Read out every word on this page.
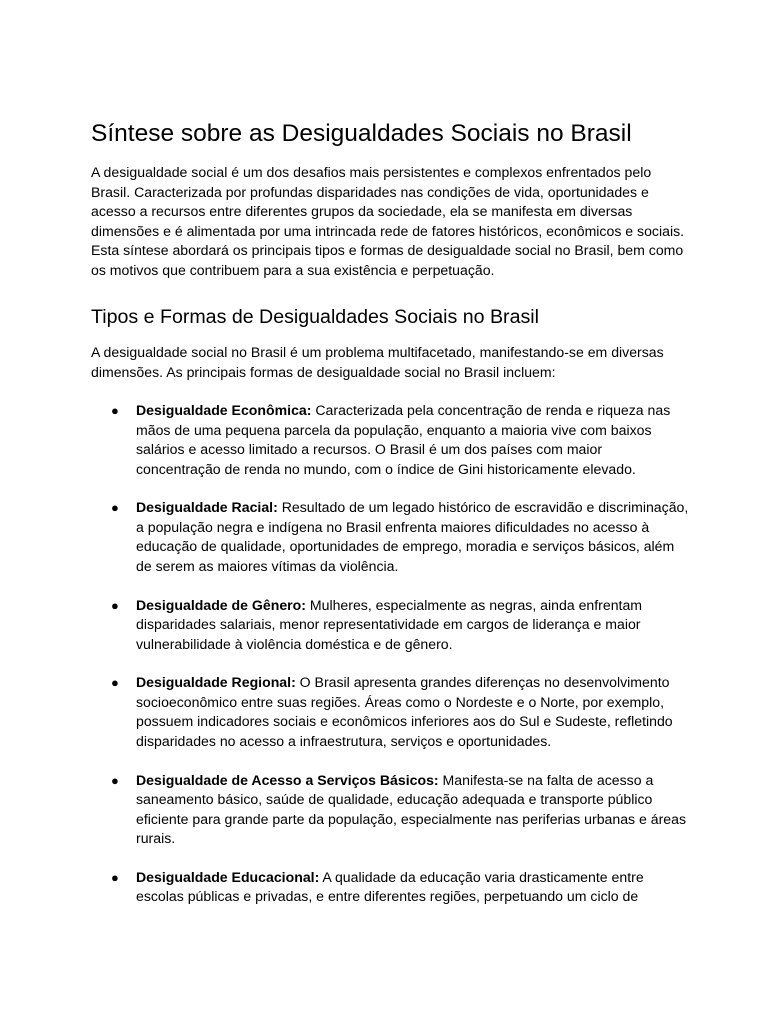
Síntese sobre as Desigualdades Sociais no Brasil

A desigualdade social é um dos desafios mais persistentes e complexos enfrentados pelo
Brasil. Caracterizada por profundas disparidades nas condições de vida, oportunidades e
acesso a recursos entre diferentes grupos da sociedade, ela se manifesta em diversas
dimensões e é alimentada por uma intrincada rede de fatores históricos, econômicos e sociais.
Esta síntese abordará os principais tipos e formas de desigualdade social no Brasil, bem como
os motivos que contribuem para a sua existência e perpetuação.

Tipos e Formas de Desigualdades Sociais no Brasil

A desigualdade social no Brasil é um problema multifacetado, manifestando-se em diversas
dimensões. As principais formas de desigualdade social no Brasil incluem:

●	Desigualdade Econômica: Caracterizada pela concentração de renda e riqueza nas
mãos de uma pequena parcela da população, enquanto a maioria vive com baixos
salários e acesso limitado a recursos. O Brasil é um dos países com maior
concentração de renda no mundo, com o índice de Gini historicamente elevado.
●	Desigualdade Racial: Resultado de um legado histórico de escravidão e discriminação,
a população negra e indígena no Brasil enfrenta maiores dificuldades no acesso à
educação de qualidade, oportunidades de emprego, moradia e serviços básicos, além
de serem as maiores vítimas da violência.
●	Desigualdade de Gênero: Mulheres, especialmente as negras, ainda enfrentam
disparidades salariais, menor representatividade em cargos de liderança e maior
vulnerabilidade à violência doméstica e de gênero.
●	Desigualdade Regional: O Brasil apresenta grandes diferenças no desenvolvimento
socioeconômico entre suas regiões. Áreas como o Nordeste e o Norte, por exemplo,
possuem indicadores sociais e econômicos inferiores aos do Sul e Sudeste, refletindo
disparidades no acesso a infraestrutura, serviços e oportunidades.
●	Desigualdade de Acesso a Serviços Básicos: Manifesta-se na falta de acesso a
saneamento básico, saúde de qualidade, educação adequada e transporte público
eficiente para grande parte da população, especialmente nas periferias urbanas e áreas
rurais.
●	Desigualdade Educacional: A qualidade da educação varia drasticamente entre
escolas públicas e privadas, e entre diferentes regiões, perpetuando um ciclo de
